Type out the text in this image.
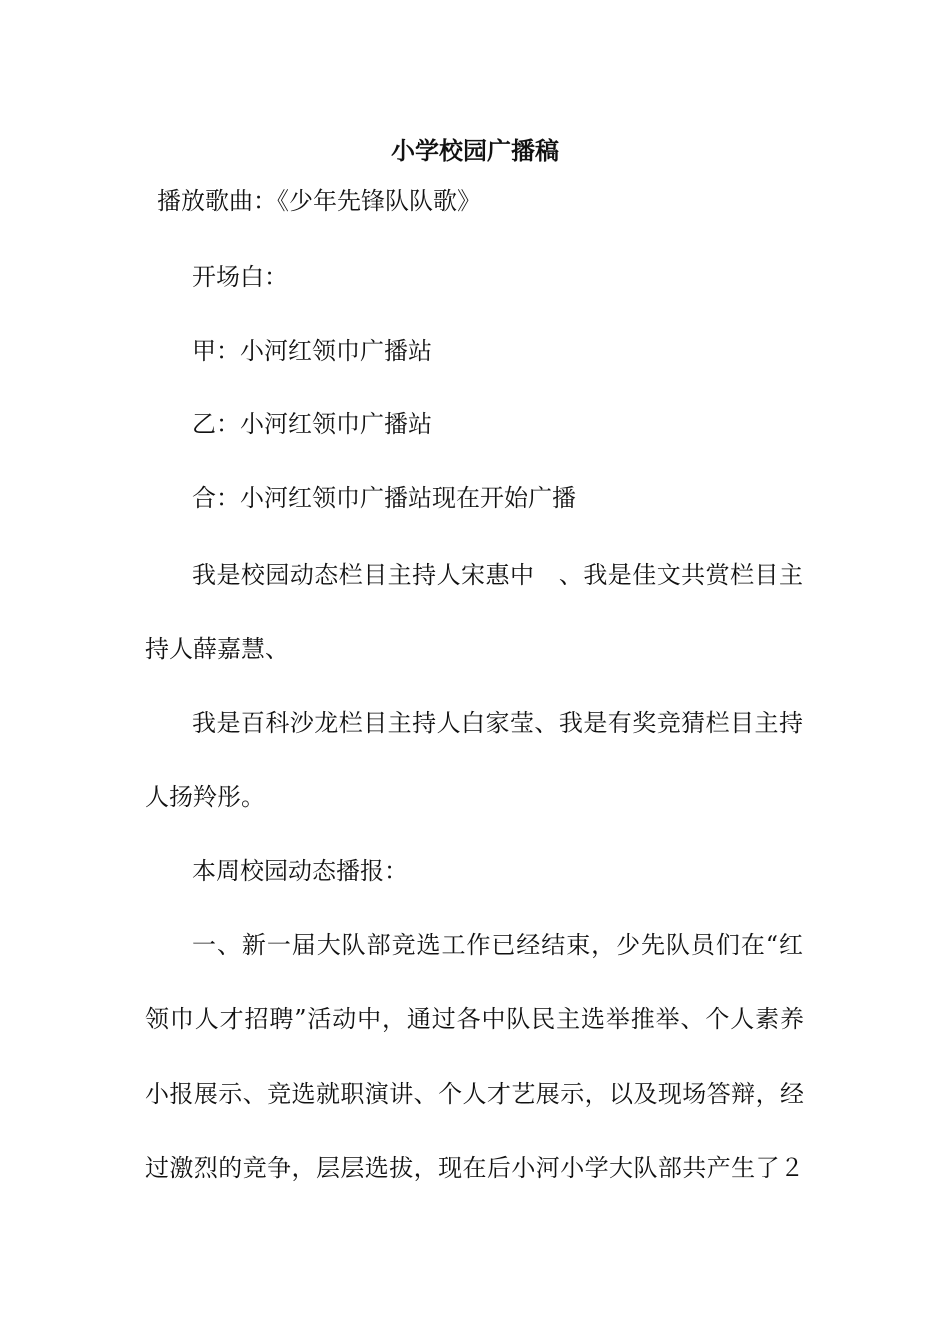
小学校园广播稿
播放歌曲：《少年先锋队队歌》
开场白：
甲：小河红领巾广播站
乙：小河红领巾广播站
合：小河红领巾广播站现在开始广播
我是校园动态栏目主持人宋惠中　、我是佳文共赏栏目主
持人薛嘉慧、
我是百科沙龙栏目主持人白家莹、我是有奖竞猜栏目主持
人扬羚彤。
本周校园动态播报：
一、新一届大队部竞选工作已经结束，少先队员们在“红
领巾人才招聘”活动中，通过各中队民主选举推举、个人素养
小报展示、竞选就职演讲、个人才艺展示，以及现场答辩，经
过激烈的竞争，层层选拔，现在后小河小学大队部共产生了２
